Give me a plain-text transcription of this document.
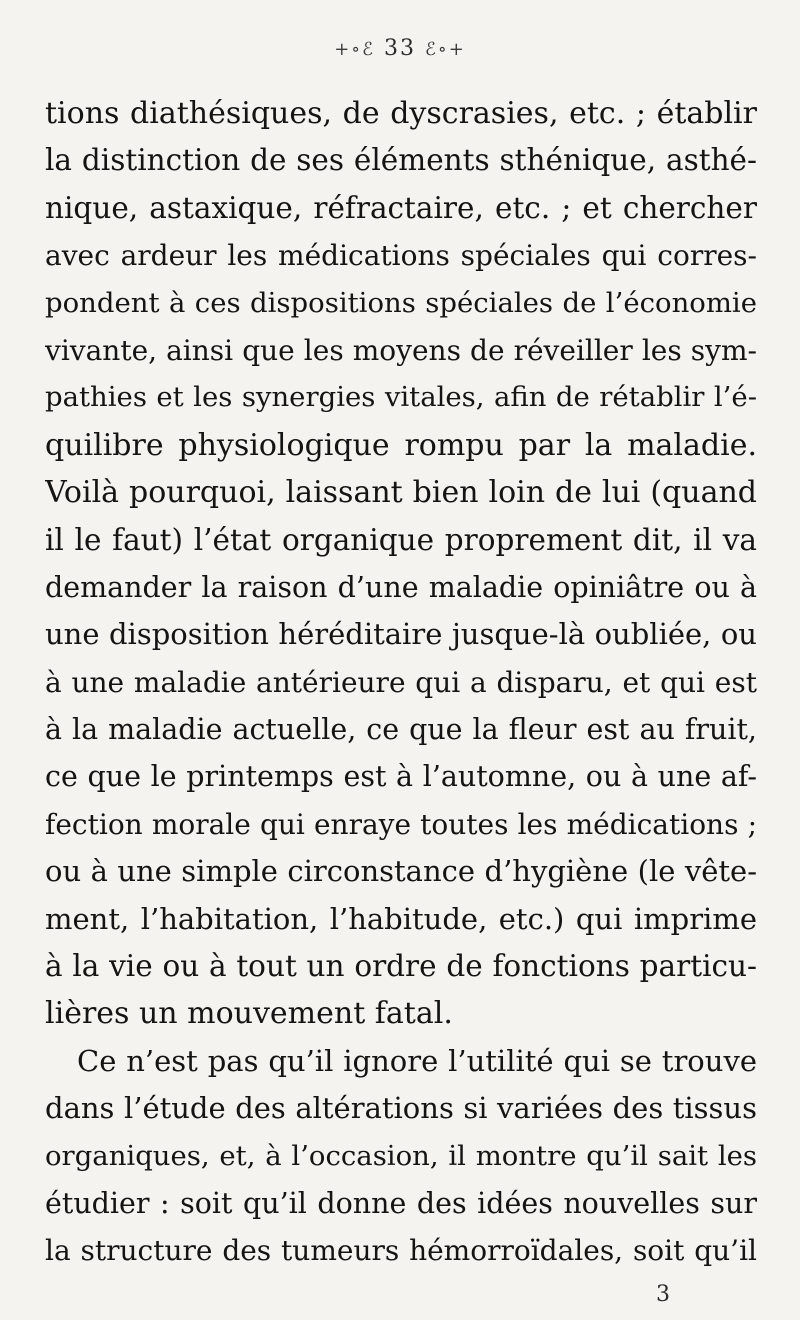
+∘ℰ 33 ℰ∘+
tions diathésiques, de dyscrasies, etc. ; établir
la distinction de ses éléments sthénique, asthé-
nique, astaxique, réfractaire, etc. ; et chercher
avec ardeur les médications spéciales qui corres-
pondent à ces dispositions spéciales de l’économie
vivante, ainsi que les moyens de réveiller les sym-
pathies et les synergies vitales, afin de rétablir l’é-
quilibre physiologique rompu par la maladie.
Voilà pourquoi, laissant bien loin de lui (quand
il le faut) l’état organique proprement dit, il va
demander la raison d’une maladie opiniâtre ou à
une disposition héréditaire jusque-là oubliée, ou
à une maladie antérieure qui a disparu, et qui est
à la maladie actuelle, ce que la fleur est au fruit,
ce que le printemps est à l’automne, ou à une af-
fection morale qui enraye toutes les médications ;
ou à une simple circonstance d’hygiène (le vête-
ment, l’habitation, l’habitude, etc.) qui imprime
à la vie ou à tout un ordre de fonctions particu-
lières un mouvement fatal.
Ce n’est pas qu’il ignore l’utilité qui se trouve
dans l’étude des altérations si variées des tissus
organiques, et, à l’occasion, il montre qu’il sait les
étudier : soit qu’il donne des idées nouvelles sur
la structure des tumeurs hémorroïdales, soit qu’il
3
